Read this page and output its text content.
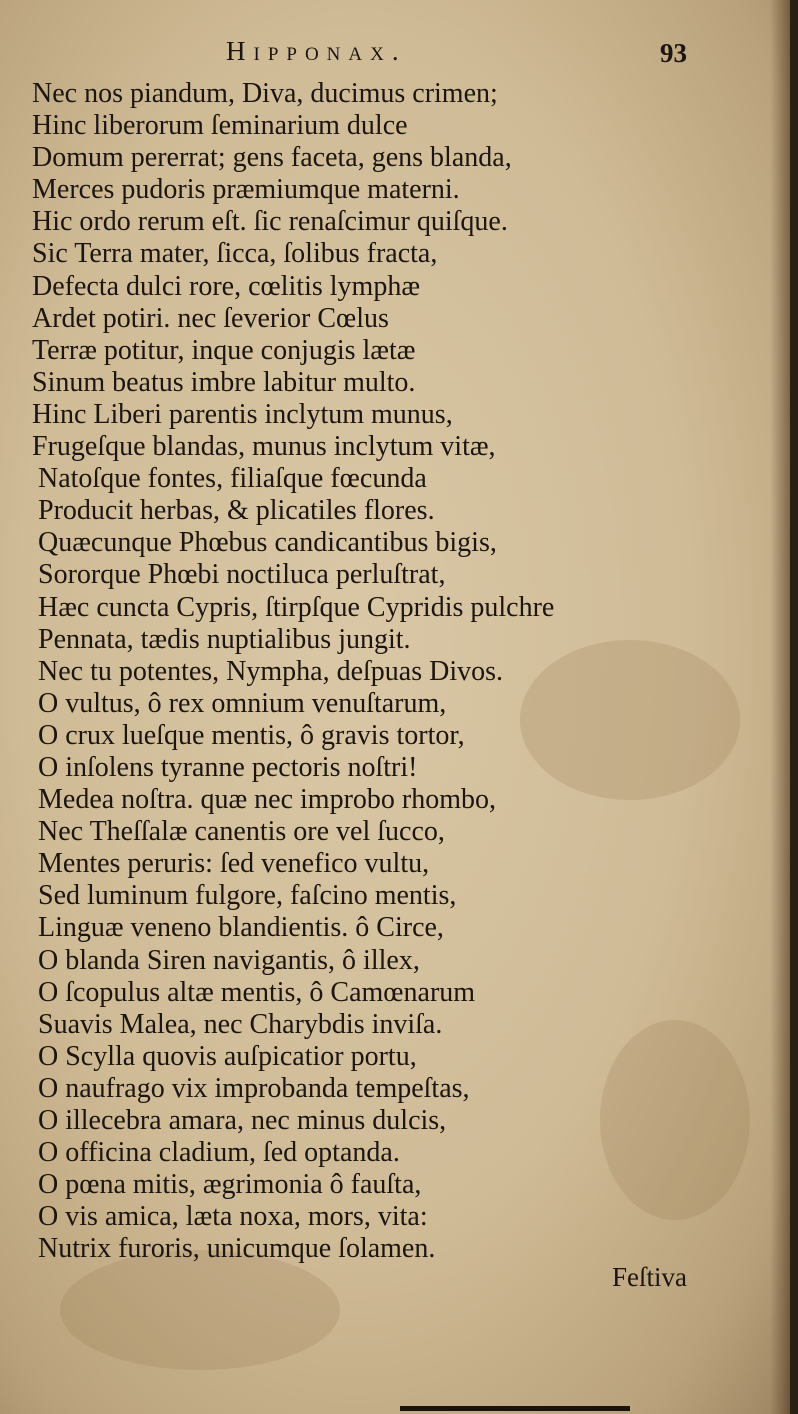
Hipponax.	93
Nec nos piandum, Diva, ducimus crimen;
Hinc liberorum ſeminarium dulce
Domum pererrat; gens faceta, gens blanda,
Merces pudoris præmiumque materni.
Hic ordo rerum eſt. ſic renaſcimur quiſque.
Sic Terra mater, ſicca, ſolibus fracta,
Defecta dulci rore, cœlitis lymphæ
Ardet potiri. nec ſeverior Cœlus
Terræ potitur, inque conjugis lætæ
Sinum beatus imbre labitur multo.
Hinc Liberi parentis inclytum munus,
Frugeſque blandas, munus inclytum vitæ,
Natoſque fontes, filiaſque fœcunda
Producit herbas, & plicatiles flores.
Quæcunque Phœbus candicantibus bigis,
Sororque Phœbi noctiluca perluſtrat,
Hæc cuncta Cypris, ſtirpſque Cypridis pulchre
Pennata, tædis nuptialibus jungit.
Nec tu potentes, Nympha, deſpuas Divos.
O vultus, ô rex omnium venuſtarum,
O crux lueſque mentis, ô gravis tortor,
O inſolens tyranne pectoris noſtri!
Medea noſtra. quæ nec improbo rhombo,
Nec Theſſalæ canentis ore vel ſucco,
Mentes peruris: ſed venefico vultu,
Sed luminum fulgore, faſcino mentis,
Linguæ veneno blandientis. ô Circe,
O blanda Siren navigantis, ô illex,
O ſcopulus altæ mentis, ô Camœnarum
Suavis Malea, nec Charybdis inviſa.
O Scylla quovis auſpicatior portu,
O naufrago vix improbanda tempeſtas,
O illecebra amara, nec minus dulcis,
O officina cladium, ſed optanda.
O pœna mitis, ægrimonia ô fauſta,
O vis amica, læta noxa, mors, vita:
Nutrix furoris, unicumque ſolamen.
Feſtiva
